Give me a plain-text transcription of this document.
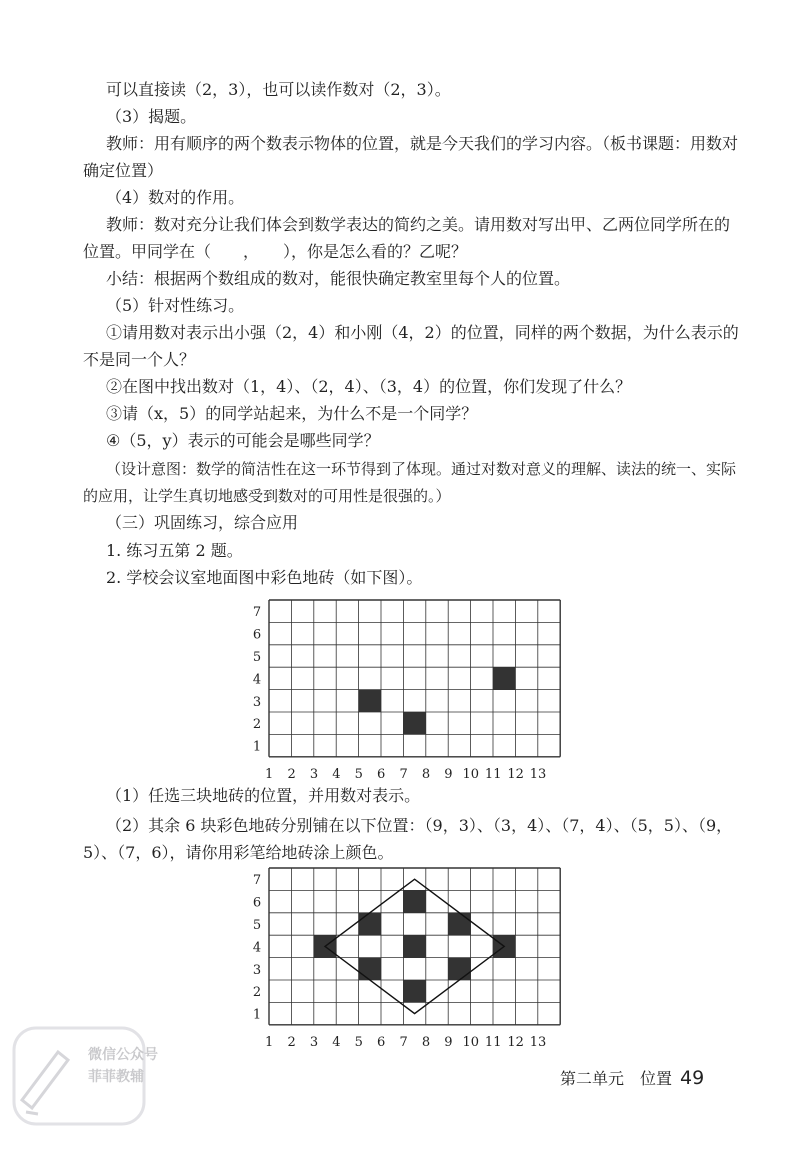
可以直接读（2，3），也可以读作数对（2，3）。

（3）揭题。

教师：用有顺序的两个数表示物体的位置，就是今天我们的学习内容。（板书课题：用数对确定位置）

（4）数对的作用。

教师：数对充分让我们体会到数学表达的简约之美。请用数对写出甲、乙两位同学所在的位置。甲同学在（　　，　　），你是怎么看的？乙呢？

小结：根据两个数组成的数对，能很快确定教室里每个人的位置。

（5）针对性练习。

①请用数对表示出小强（2，4）和小刚（4，2）的位置，同样的两个数据，为什么表示的不是同一个人？

②在图中找出数对（1，4）、（2，4）、（3，4）的位置，你们发现了什么？

③请（x，5）的同学站起来，为什么不是一个同学？

④（5，y）表示的可能会是哪些同学？

（设计意图：数学的简洁性在这一环节得到了体现。通过对数对意义的理解、读法的统一、实际的应用，让学生真切地感受到数对的可用性是很强的。）

（三）巩固练习，综合应用

1. 练习五第 2 题。

2. 学校会议室地面图中彩色地砖（如下图）。

1
2
3
4
5
6
7
1 2 3 4 5 6 7 8 9 10 11 12 13

（1）任选三块地砖的位置，并用数对表示。

（2）其余 6 块彩色地砖分别铺在以下位置：（9，3）、（3，4）、（7，4）、（5，5）、（9，5）、（7，6），请你用彩笔给地砖涂上颜色。

1
2
3
4
5
6
7
1 2 3 4 5 6 7 8 9 10 11 12 13
第二单元　位置 49
微信公众号
菲菲教辅
